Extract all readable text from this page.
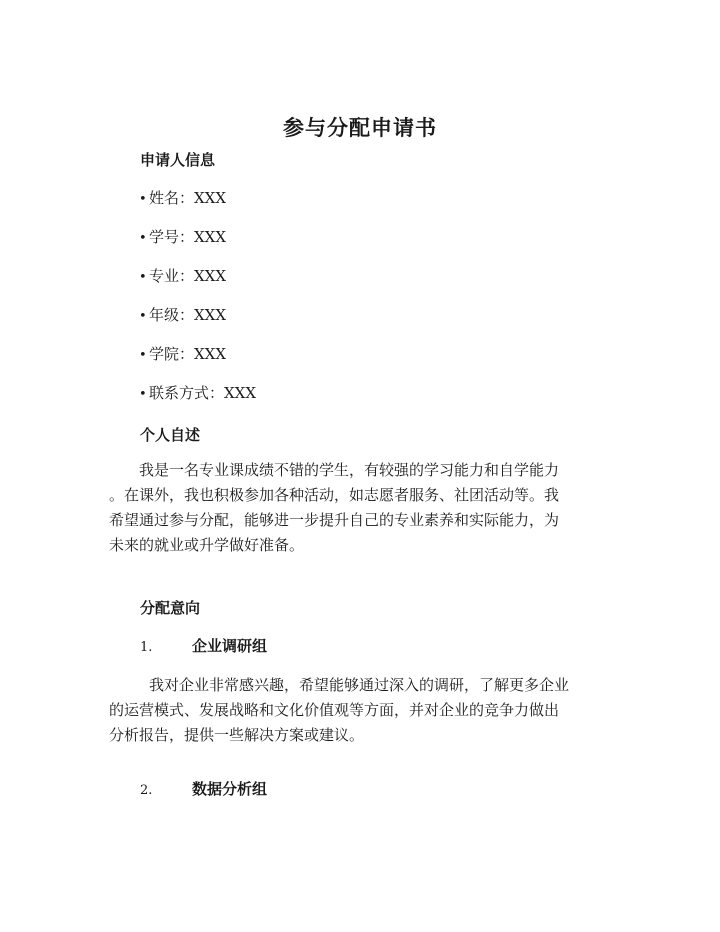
参与分配申请书
申请人信息
• 姓名：XXX
• 学号：XXX
• 专业：XXX
• 年级：XXX
• 学院：XXX
• 联系方式：XXX
个人自述
我是一名专业课成绩不错的学生，有较强的学习能力和自学能力
。在课外，我也积极参加各种活动，如志愿者服务、社团活动等。我
希望通过参与分配，能够进一步提升自己的专业素养和实际能力，为
未来的就业或升学做好准备。
分配意向
1.	企业调研组
我对企业非常感兴趣，希望能够通过深入的调研，了解更多企业
的运营模式、发展战略和文化价值观等方面，并对企业的竞争力做出
分析报告，提供一些解决方案或建议。
2.	数据分析组
